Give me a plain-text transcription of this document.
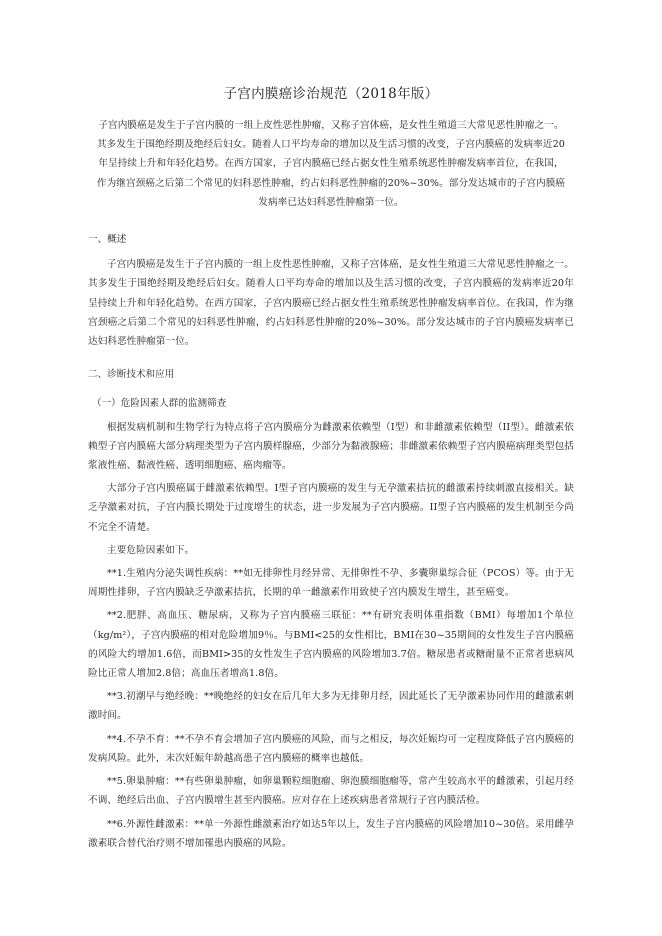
子宫内膜癌诊治规范（2018年版）
子宫内膜癌是发生于子宫内膜的一组上皮性恶性肿瘤，又称子宫体癌，是女性生殖道三大常见恶性肿瘤之一。其多发生于围绝经期及绝经后妇女。随着人口平均寿命的增加以及生活习惯的改变，子宫内膜癌的发病率近20年呈持续上升和年轻化趋势。在西方国家，子宫内膜癌已经占据女性生殖系统恶性肿瘤发病率首位，在我国，作为继宫颈癌之后第二个常见的妇科恶性肿瘤，约占妇科恶性肿瘤的20%~30%。部分发达城市的子宫内膜癌发病率已达妇科恶性肿瘤第一位。
一、概述

子宫内膜癌是发生于子宫内膜的一组上皮性恶性肿瘤，又称子宫体癌，是女性生殖道三大常见恶性肿瘤之一。其多发生于围绝经期及绝经后妇女。随着人口平均寿命的增加以及生活习惯的改变，子宫内膜癌的发病率近20年呈持续上升和年轻化趋势。在西方国家，子宫内膜癌已经占据女性生殖系统恶性肿瘤发病率首位。在我国，作为继宫颈癌之后第二个常见的妇科恶性肿瘤，约占妇科恶性肿瘤的20%~30%。部分发达城市的子宫内膜癌发病率已达妇科恶性肿瘤第一位。

二、诊断技术和应用
（一）危险因素人群的监测筛查

根据发病机制和生物学行为特点将子宫内膜癌分为雌激素依赖型（I型）和非雌激素依赖型（II型）。雌激素依赖型子宫内膜癌大部分病理类型为子宫内膜样腺癌，少部分为黏液腺癌；非雌激素依赖型子宫内膜癌病理类型包括浆液性癌、黏液性癌、透明细胞癌、癌肉瘤等。

大部分子宫内膜癌属于雌激素依赖型。I型子宫内膜癌的发生与无孕激素拮抗的雌激素持续刺激直接相关。缺乏孕激素对抗，子宫内膜长期处于过度增生的状态，进一步发展为子宫内膜癌。II型子宫内膜癌的发生机制至今尚不完全不清楚。

主要危险因素如下。

**1.生殖内分泌失调性疾病：**如无排卵性月经异常、无排卵性不孕、多囊卵巢综合征（PCOS）等。由于无周期性排卵，子宫内膜缺乏孕激素拮抗，长期的单一雌激素作用致使子宫内膜发生增生，甚至癌变。

**2.肥胖、高血压、糖尿病，又称为子宫内膜癌三联征：**有研究表明体重指数（BMI）每增加1个单位（kg/m²），子宫内膜癌的相对危险增加9％。与BMI<25的女性相比，BMI在30~35期间的女性发生子宫内膜癌的风险大约增加1.6倍，而BMI>35的女性发生子宫内膜癌的风险增加3.7倍。糖尿患者或糖耐量不正常者患病风险比正常人增加2.8倍；高血压者增高1.8倍。

**3.初潮早与绝经晚：**晚绝经的妇女在后几年大多为无排卵月经，因此延长了无孕激素协同作用的雌激素刺激时间。

**4.不孕不育：**不孕不育会增加子宫内膜癌的风险，而与之相反，每次妊娠均可一定程度降低子宫内膜癌的发病风险。此外，末次妊娠年龄越高患子宫内膜癌的概率也越低。

**5.卵巢肿瘤：**有些卵巢肿瘤，如卵巢颗粒细胞瘤、卵泡膜细胞瘤等，常产生较高水平的雌激素，引起月经不调、绝经后出血、子宫内膜增生甚至内膜癌。应对存在上述疾病患者常规行子宫内膜活检。

**6.外源性雌激素：**单一外源性雌激素治疗如达5年以上，发生子宫内膜癌的风险增加10~30倍。采用雌孕激素联合替代治疗则不增加罹患内膜癌的风险。
